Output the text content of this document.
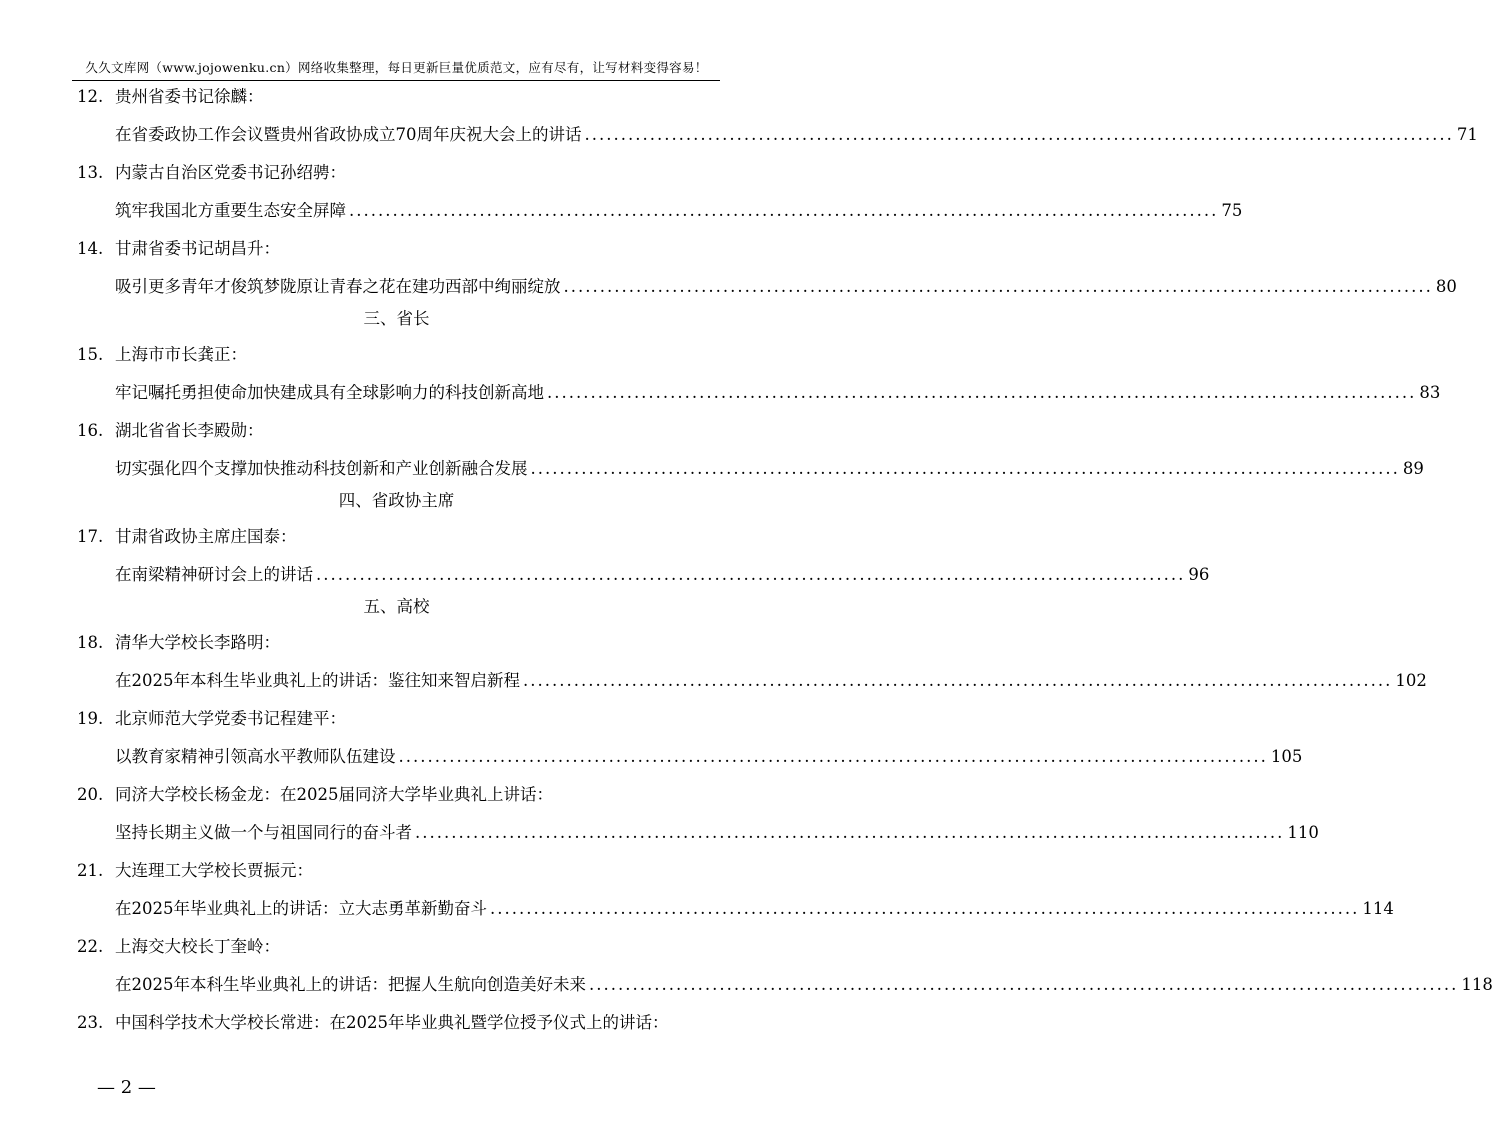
久久文库网（www.jojowenku.cn）网络收集整理，每日更新巨量优质范文，应有尽有，让写材料变得容易！
12. 贵州省委书记徐麟：
在省委政协工作会议暨贵州省政协成立70周年庆祝大会上的讲话 ........................................................................................................................ 71
13. 内蒙古自治区党委书记孙绍骋：
筑牢我国北方重要生态安全屏障 ........................................................................................................................ 75
14. 甘肃省委书记胡昌升：
吸引更多青年才俊筑梦陇原让青春之花在建功西部中绚丽绽放 ........................................................................................................................ 80
三、省长
15. 上海市市长龚正：
牢记嘱托勇担使命加快建成具有全球影响力的科技创新高地 ........................................................................................................................ 83
16. 湖北省省长李殿勋：
切实强化四个支撑加快推动科技创新和产业创新融合发展 ........................................................................................................................ 89
四、省政协主席
17. 甘肃省政协主席庄国泰：
在南梁精神研讨会上的讲话 ........................................................................................................................ 96
五、高校
18. 清华大学校长李路明：
在2025年本科生毕业典礼上的讲话：鉴往知来智启新程 ........................................................................................................................ 102
19. 北京师范大学党委书记程建平：
以教育家精神引领高水平教师队伍建设 ........................................................................................................................ 105
20. 同济大学校长杨金龙：在2025届同济大学毕业典礼上讲话：
坚持长期主义做一个与祖国同行的奋斗者 ........................................................................................................................ 110
21. 大连理工大学校长贾振元：
在2025年毕业典礼上的讲话：立大志勇革新勤奋斗 ........................................................................................................................ 114
22. 上海交大校长丁奎岭：
在2025年本科生毕业典礼上的讲话：把握人生航向创造美好未来 ........................................................................................................................ 118
23. 中国科学技术大学校长常进：在2025年毕业典礼暨学位授予仪式上的讲话：
— 2 —
